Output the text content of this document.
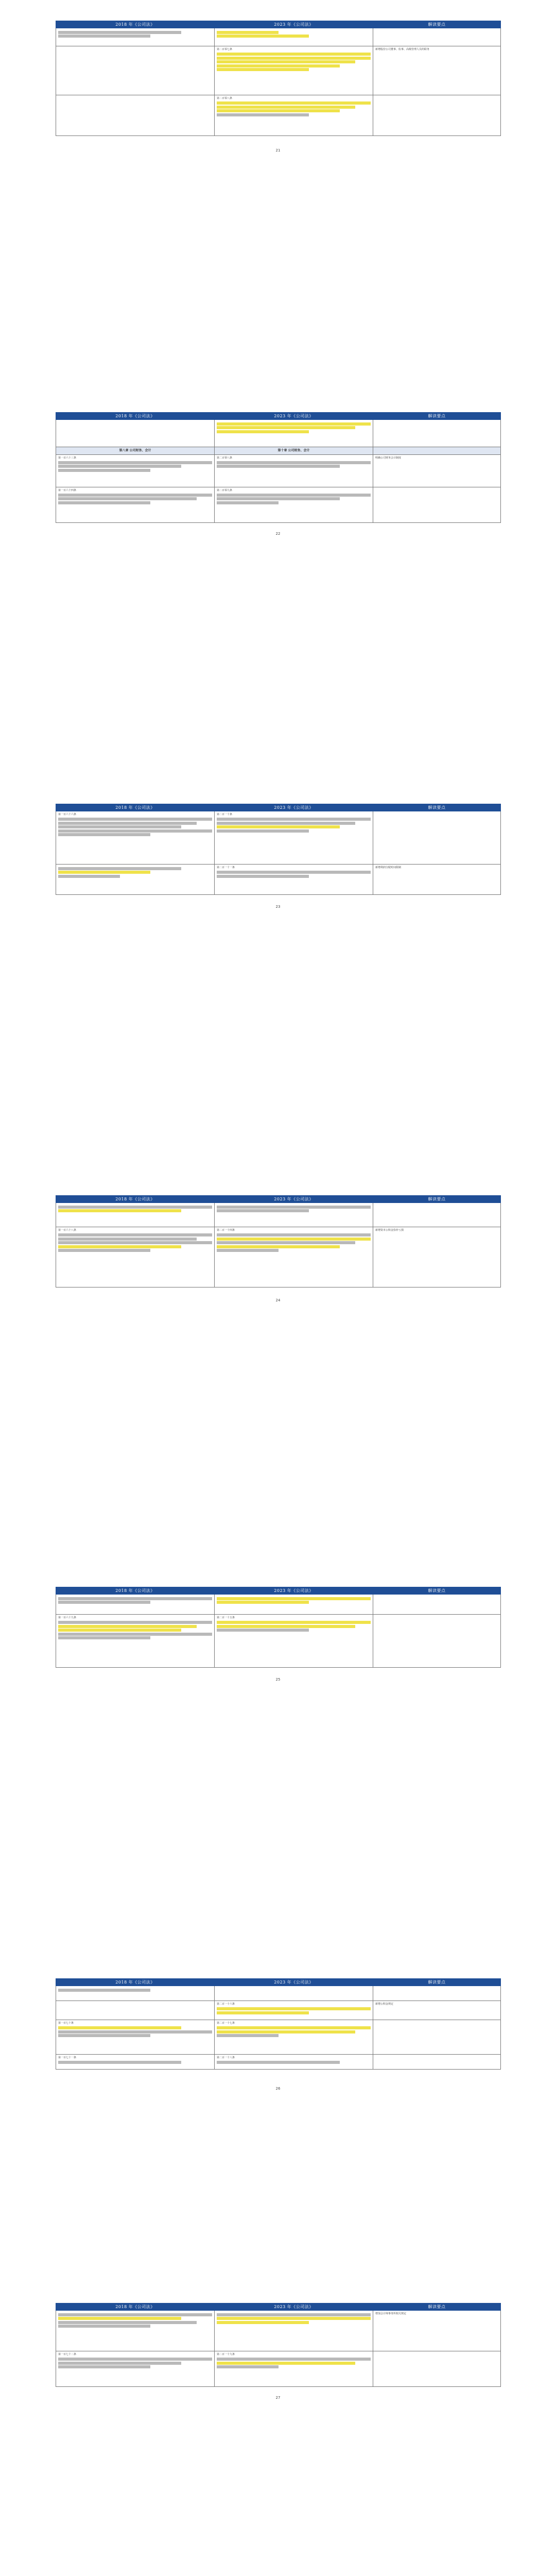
2018 年《公司法》	2023 年《公司法》	解读要点

	第二百零七条	新增股份公司董事、监事、高级管理人员的职务
	第二百零八条

21
2018 年《公司法》	2023 年《公司法》	解读要点

第八章 公司财务、会计	第十章 公司财务、会计	
第一百六十三条	第二百零八条	明确公司财务会计制度
第一百六十四条	第二百零九条

22
2018 年《公司法》	2023 年《公司法》	解读要点
第一百六十六条	第二百一十条

	第二百一十一条	新增利润分配时间限制
23
2018 年《公司法》	2023 年《公司法》	解读要点

第一百六十八条	第二百一十四条	新增资本公积金弥补亏损
24
2018 年《公司法》	2023 年《公司法》	解读要点

第一百六十九条	第二百一十五条

25
2018 年《公司法》	2023 年《公司法》	解读要点

	第二百一十六条	新增公积金规定
第一百七十条	第二百一十七条

第一百七十一条	第二百一十八条

26
2018 年《公司法》	2023 年《公司法》	解读要点

	增加会计师事务所相关规定
第一百七十二条	第二百一十九条

27
